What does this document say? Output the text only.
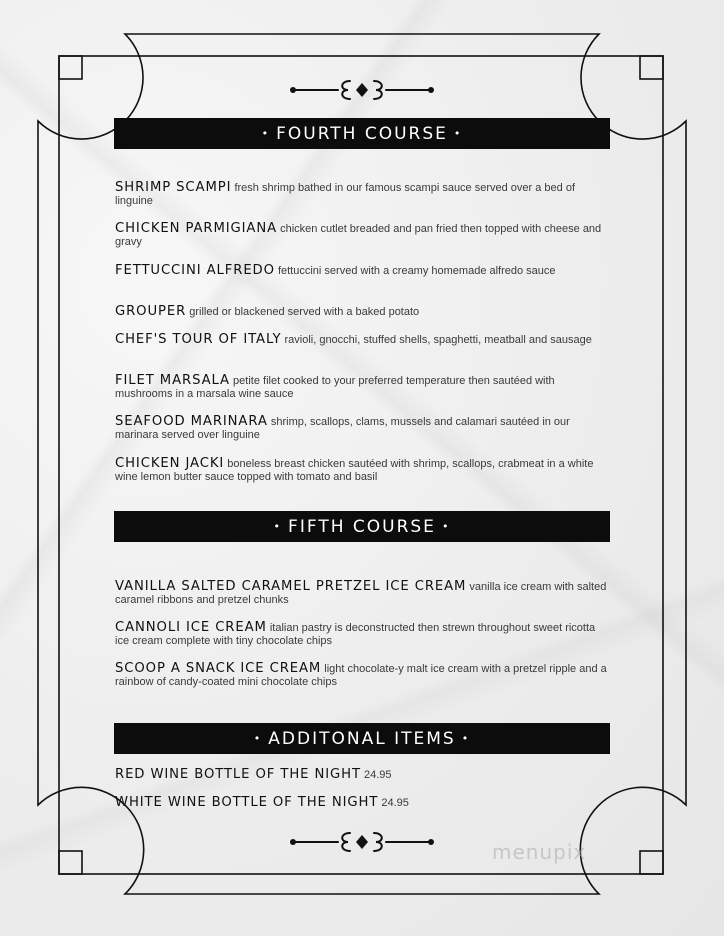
• FOURTH COURSE •
SHRIMP SCAMPI fresh shrimp bathed in our famous scampi sauce served over a bed of linguine
CHICKEN PARMIGIANA chicken cutlet breaded and pan fried then topped with cheese and gravy
FETTUCCINI ALFREDO fettuccini served with a creamy homemade alfredo sauce
GROUPER grilled or blackened served with a baked potato
CHEF'S TOUR OF ITALY ravioli, gnocchi, stuffed shells, spaghetti, meatball and sausage
FILET MARSALA petite filet cooked to your preferred temperature then sautéed with mushrooms in a marsala wine sauce
SEAFOOD MARINARA shrimp, scallops, clams, mussels and calamari sautéed in our marinara served over linguine
CHICKEN JACKI boneless breast chicken sautéed with shrimp, scallops, crabmeat in a white wine lemon butter sauce topped with tomato and basil
• FIFTH COURSE •
VANILLA SALTED CARAMEL PRETZEL ICE CREAM vanilla ice cream with salted caramel ribbons and pretzel chunks
CANNOLI ICE CREAM italian pastry is deconstructed then strewn throughout sweet ricotta ice cream complete with tiny chocolate chips
SCOOP A SNACK ICE CREAM light chocolate-y malt ice cream with a pretzel ripple and a rainbow of candy-coated mini chocolate chips
• ADDITONAL ITEMS •
RED WINE BOTTLE OF THE NIGHT 24.95
WHITE WINE BOTTLE OF THE NIGHT 24.95
menupix
